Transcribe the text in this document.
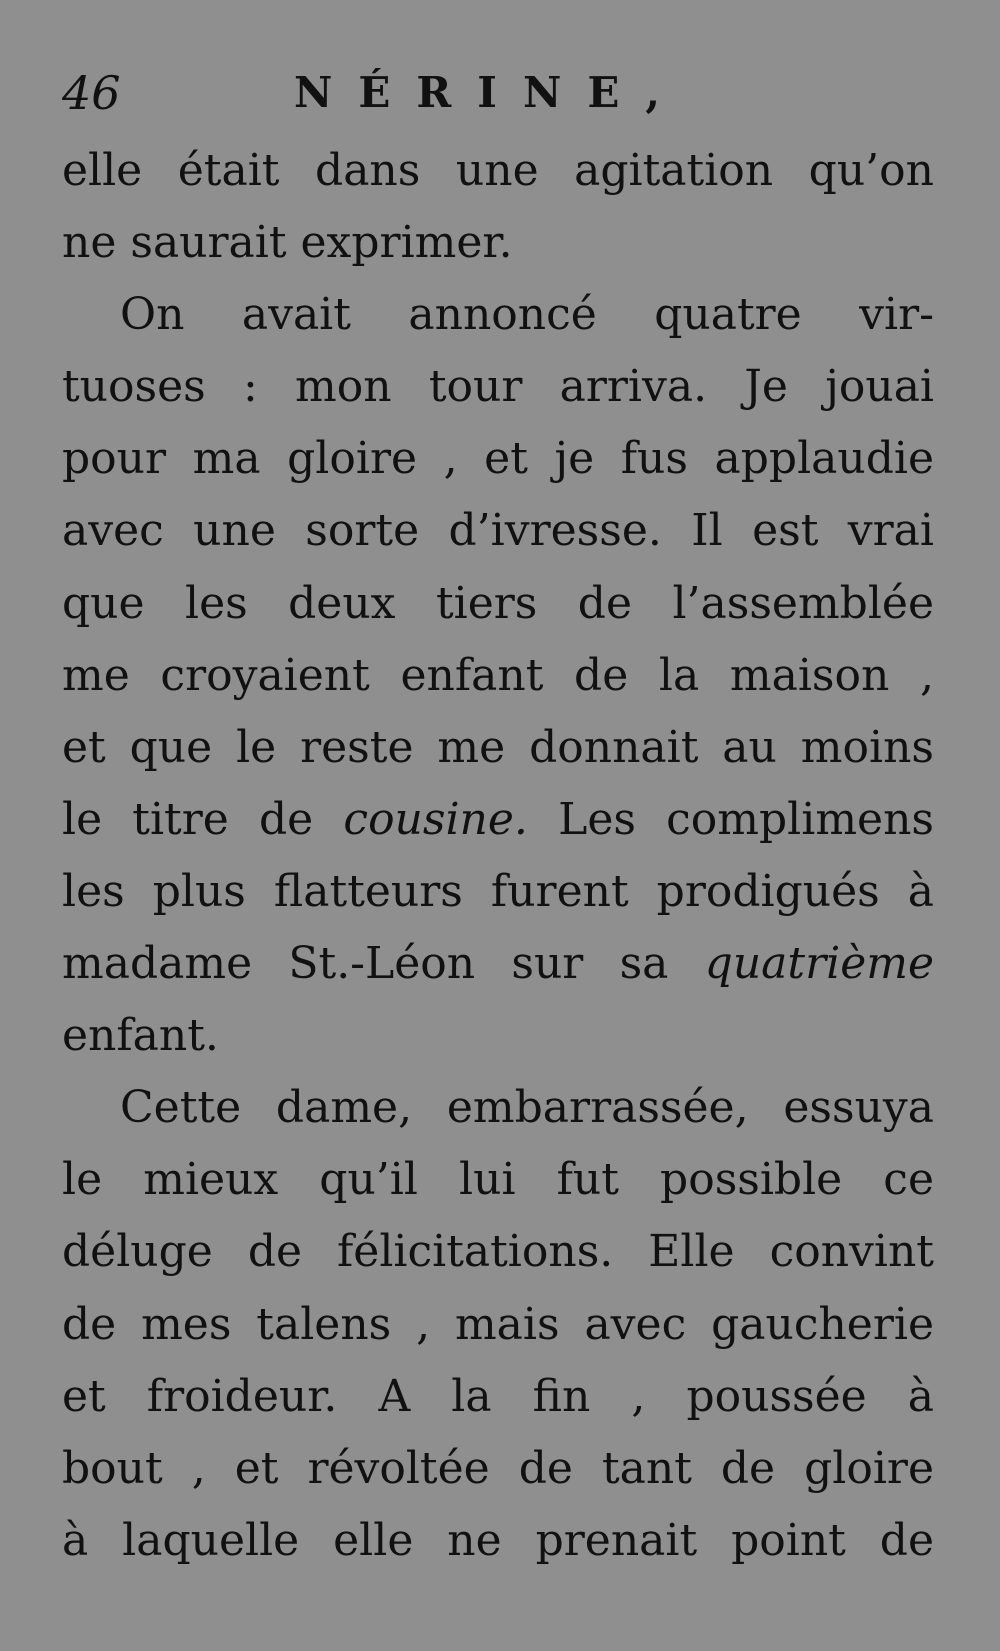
46	NÉRINE,
elle était dans une agitation qu’on
ne saurait exprimer.
On avait annoncé quatre vir-
tuoses : mon tour arriva. Je jouai
pour ma gloire , et je fus applaudie
avec une sorte d’ivresse. Il est vrai
que les deux tiers de l’assemblée
me croyaient enfant de la maison ,
et que le reste me donnait au moins
le titre de cousine. Les complimens
les plus flatteurs furent prodigués à
madame St.-Léon sur sa quatrième
enfant.
Cette dame, embarrassée, essuya
le mieux qu’il lui fut possible ce
déluge de félicitations. Elle convint
de mes talens , mais avec gaucherie
et froideur. A la fin , poussée à
bout , et révoltée de tant de gloire
à laquelle elle ne prenait point de
